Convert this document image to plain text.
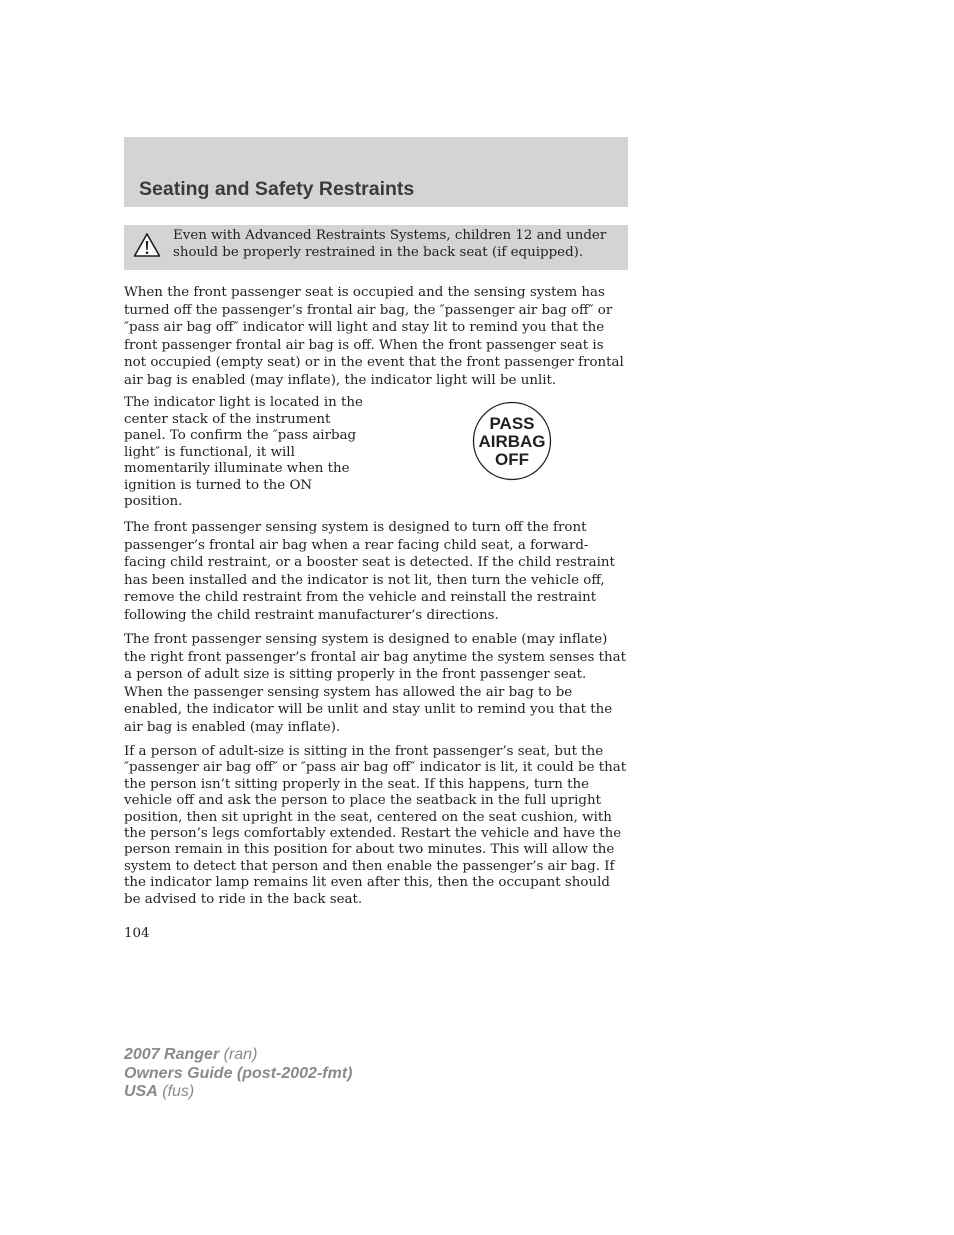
Seating and Safety Restraints

Even with Advanced Restraints Systems, children 12 and under should be properly restrained in the back seat (if equipped).

When the front passenger seat is occupied and the sensing system has turned off the passenger’s frontal air bag, the ″passenger air bag off″ or ″pass air bag off″ indicator will light and stay lit to remind you that the front passenger frontal air bag is off. When the front passenger seat is not occupied (empty seat) or in the event that the front passenger frontal air bag is enabled (may inflate), the indicator light will be unlit.

The indicator light is located in the center stack of the instrument panel. To confirm the ″pass airbag light″ is functional, it will momentarily illuminate when the ignition is turned to the ON position.

PASS
AIRBAG
OFF

The front passenger sensing system is designed to turn off the front passenger’s frontal air bag when a rear facing child seat, a forward-facing child restraint, or a booster seat is detected. If the child restraint has been installed and the indicator is not lit, then turn the vehicle off, remove the child restraint from the vehicle and reinstall the restraint following the child restraint manufacturer’s directions.

The front passenger sensing system is designed to enable (may inflate) the right front passenger’s frontal air bag anytime the system senses that a person of adult size is sitting properly in the front passenger seat. When the passenger sensing system has allowed the air bag to be enabled, the indicator will be unlit and stay unlit to remind you that the air bag is enabled (may inflate).

If a person of adult-size is sitting in the front passenger’s seat, but the ″passenger air bag off″ or ″pass air bag off″ indicator is lit, it could be that the person isn’t sitting properly in the seat. If this happens, turn the vehicle off and ask the person to place the seatback in the full upright position, then sit upright in the seat, centered on the seat cushion, with the person’s legs comfortably extended. Restart the vehicle and have the person remain in this position for about two minutes. This will allow the system to detect that person and then enable the passenger’s air bag. If the indicator lamp remains lit even after this, then the occupant should be advised to ride in the back seat.

104

2007 Ranger (ran)
Owners Guide (post-2002-fmt)
USA (fus)
